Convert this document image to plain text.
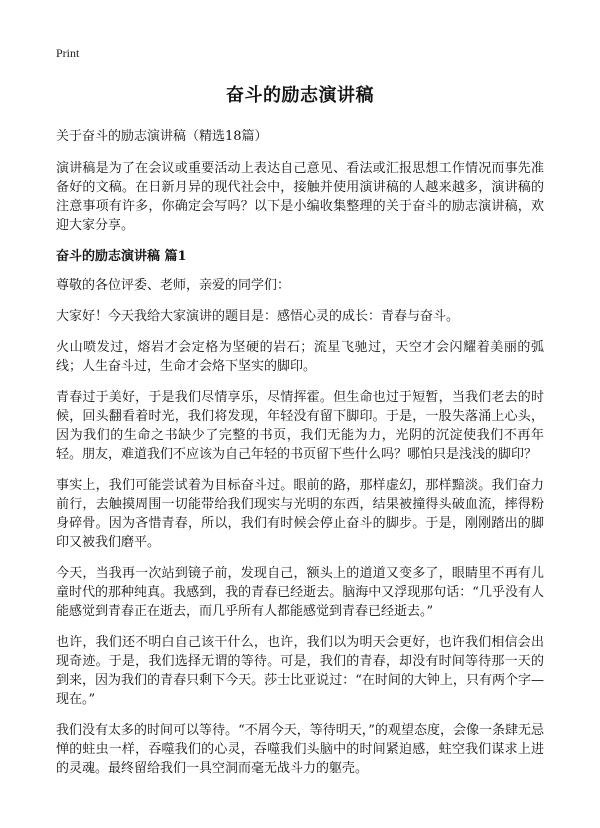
Print
奋斗的励志演讲稿

关于奋斗的励志演讲稿（精选18篇）

演讲稿是为了在会议或重要活动上表达自己意见、看法或汇报思想工作情况而事先准备好的文稿。在日新月异的现代社会中，接触并使用演讲稿的人越来越多，演讲稿的注意事项有许多，你确定会写吗？以下是小编收集整理的关于奋斗的励志演讲稿，欢迎大家分享。

奋斗的励志演讲稿 篇1

尊敬的各位评委、老师，亲爱的同学们：

大家好！今天我给大家演讲的题目是：感悟心灵的成长：青春与奋斗。

火山喷发过，熔岩才会定格为坚硬的岩石；流星飞驰过，天空才会闪耀着美丽的弧线；人生奋斗过，生命才会烙下坚实的脚印。

青春过于美好，于是我们尽情享乐，尽情挥霍。但生命也过于短暂，当我们老去的时候，回头翻看着时光，我们将发现，年轻没有留下脚印。于是，一股失落涌上心头，因为我们的生命之书缺少了完整的书页，我们无能为力，光阴的沉淀使我们不再年轻。朋友，难道我们不应该为自己年轻的书页留下些什么吗？哪怕只是浅浅的脚印？

事实上，我们可能尝试着为目标奋斗过。眼前的路，那样虚幻，那样黯淡。我们奋力前行，去触摸周围一切能带给我们现实与光明的东西，结果被撞得头破血流，摔得粉身碎骨。因为吝惜青春，所以，我们有时候会停止奋斗的脚步。于是，刚刚踏出的脚印又被我们磨平。

今天，当我再一次站到镜子前，发现自己，额头上的道道又变多了，眼睛里不再有儿童时代的那种纯真。我感到，我的青春已经逝去。脑海中又浮现那句话：“几乎没有人能感觉到青春正在逝去，而几乎所有人都能感觉到青春已经逝去。”

也许，我们还不明白自己该干什么，也许，我们以为明天会更好，也许我们相信会出现奇迹。于是，我们选择无谓的等待。可是，我们的青春，却没有时间等待那一天的到来，因为我们的青春只剩下今天。莎士比亚说过：“在时间的大钟上，只有两个字—现在。”

我们没有太多的时间可以等待。“不屑今天，等待明天，”的观望态度，会像一条肆无忌惮的蛀虫一样，吞噬我们的心灵，吞噬我们头脑中的时间紧迫感，蛀空我们谋求上进的灵魂。最终留给我们一具空洞而毫无战斗力的躯壳。
